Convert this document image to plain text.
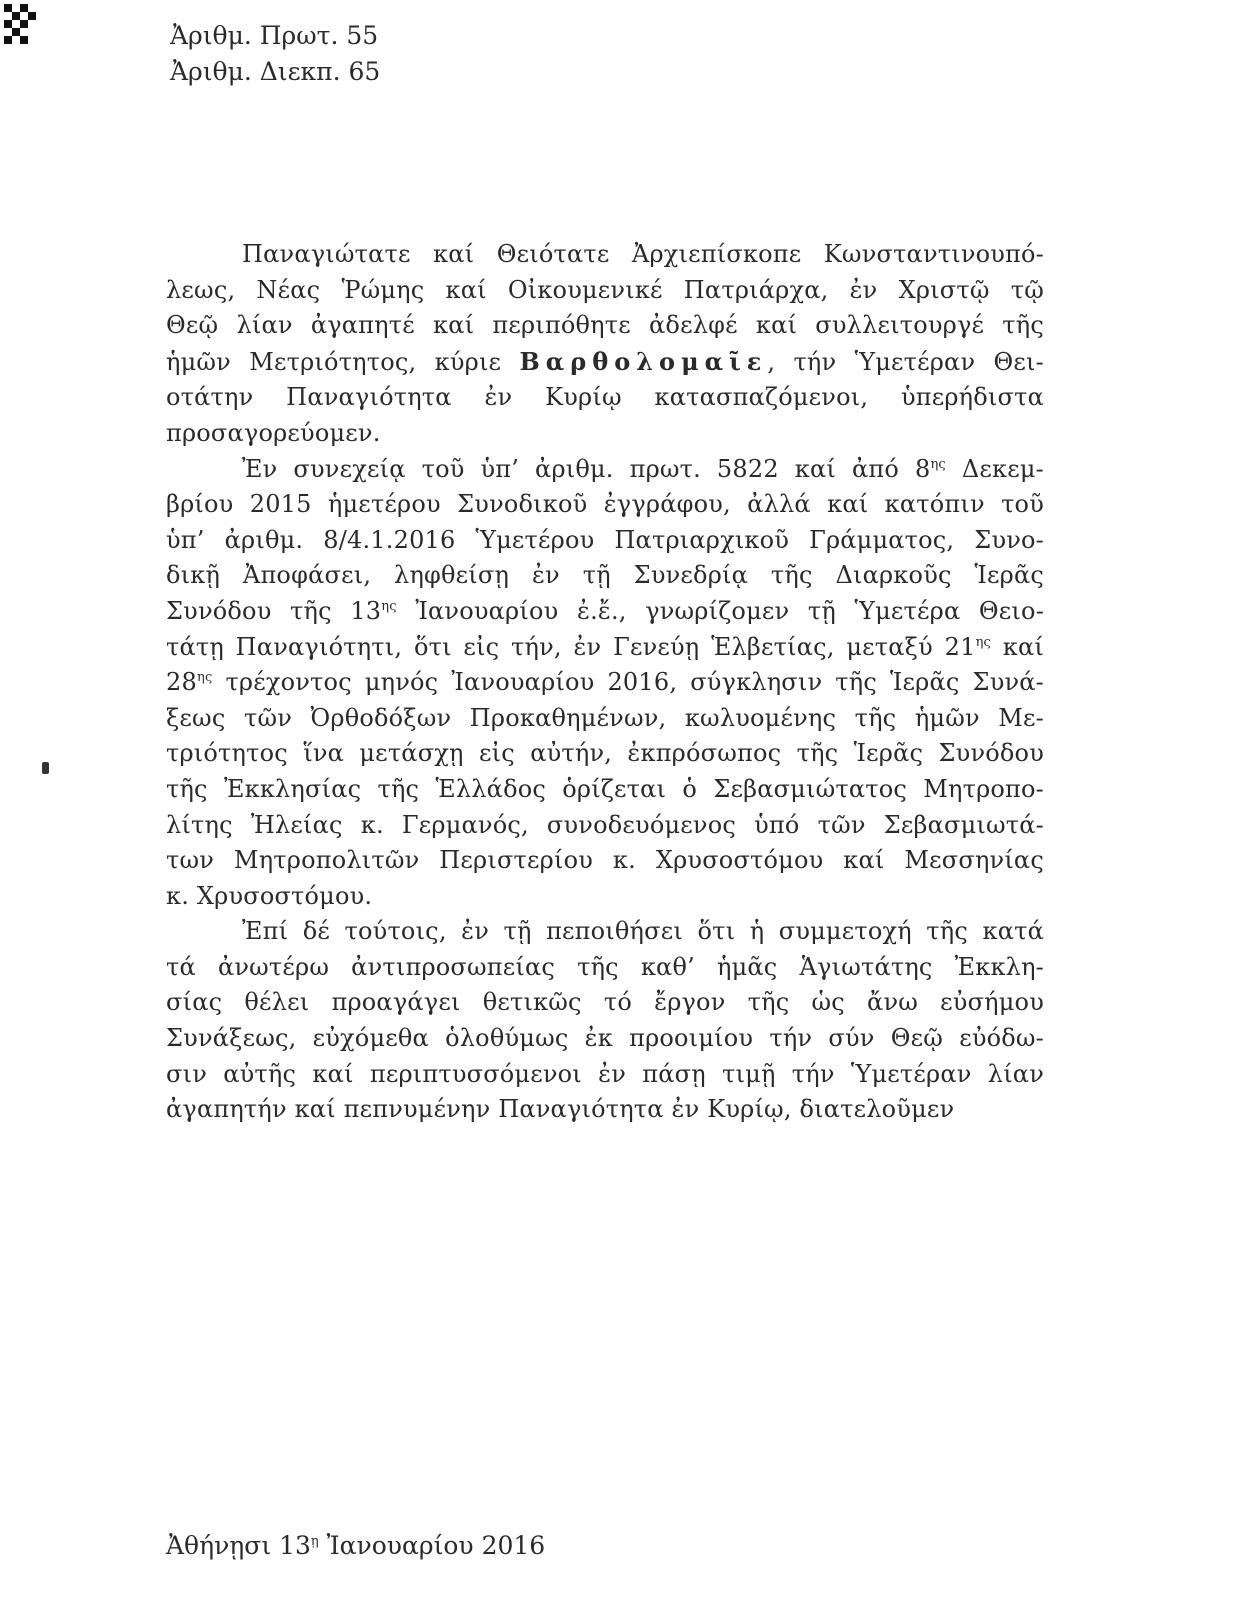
Ἀριθμ. Πρωτ. 55
Ἀριθμ. Διεκπ. 65
Παναγιώτατε καί Θειότατε Ἀρχιεπίσκοπε Κωνσταντινουπό-
λεως, Νέας Ῥώμης καί Οἰκουμενικέ Πατριάρχα, ἐν Χριστῷ τῷ
Θεῷ λίαν ἀγαπητέ καί περιπόθητε ἀδελφέ καί συλλειτουργέ τῆς
ἡμῶν Μετριότητος, κύριε Βαρθολομαῖε, τήν Ὑμετέραν Θει-
οτάτην Παναγιότητα ἐν Κυρίῳ κατασπαζόμενοι, ὑπερήδιστα
προσαγορεύομεν.
Ἐν συνεχείᾳ τοῦ ὑπ’ ἀριθμ. πρωτ. 5822 καί ἀπό $8^{\eta\varsigma}$ Δεκεμ-
βρίου 2015 ἡμετέρου Συνοδικοῦ ἐγγράφου, ἀλλά καί κατόπιν τοῦ
ὑπ’ ἀριθμ. 8/4.1.2016 Ὑμετέρου Πατριαρχικοῦ Γράμματος, Συνο-
δικῇ Ἀποφάσει, ληφθείσῃ ἐν τῇ Συνεδρίᾳ τῆς Διαρκοῦς Ἱερᾶς
Συνόδου τῆς $13^{\eta\varsigma}$ Ἰανουαρίου ἐ.ἔ., γνωρίζομεν τῇ Ὑμετέρα Θειο-
τάτῃ Παναγιότητι, ὅτι εἰς τήν, ἐν Γενεύῃ Ἑλβετίας, μεταξύ $21^{\eta\varsigma}$ καί
$28^{\eta\varsigma}$ τρέχοντος μηνός Ἰανουαρίου 2016, σύγκλησιν τῆς Ἱερᾶς Συνά-
ξεως τῶν Ὀρθοδόξων Προκαθημένων, κωλυομένης τῆς ἡμῶν Με-
τριότητος ἵνα μετάσχῃ εἰς αὐτήν, ἐκπρόσωπος τῆς Ἱερᾶς Συνόδου
τῆς Ἐκκλησίας τῆς Ἑλλάδος ὁρίζεται ὁ Σεβασμιώτατος Μητροπο-
λίτης Ἠλείας κ. Γερμανός, συνοδευόμενος ὑπό τῶν Σεβασμιωτά-
των Μητροπολιτῶν Περιστερίου κ. Χρυσοστόμου καί Μεσσηνίας
κ. Χρυσοστόμου.
Ἐπί δέ τούτοις, ἐν τῇ πεποιθήσει ὅτι ἡ συμμετοχή τῆς κατά
τά ἀνωτέρω ἀντιπροσωπείας τῆς καθ’ ἡμᾶς Ἁγιωτάτης Ἐκκλη-
σίας θέλει προαγάγει θετικῶς τό ἔργον τῆς ὡς ἄνω εὐσήμου
Συνάξεως, εὐχόμεθα ὁλοθύμως ἐκ προοιμίου τήν σύν Θεῷ εὐόδω-
σιν αὐτῆς καί περιπτυσσόμενοι ἐν πάσῃ τιμῇ τήν Ὑμετέραν λίαν
ἀγαπητήν καί πεπνυμένην Παναγιότητα ἐν Κυρίῳ, διατελοῦμεν
Ἀθήνῃσι $13^ῃ$ Ἰανουαρίου 2016
